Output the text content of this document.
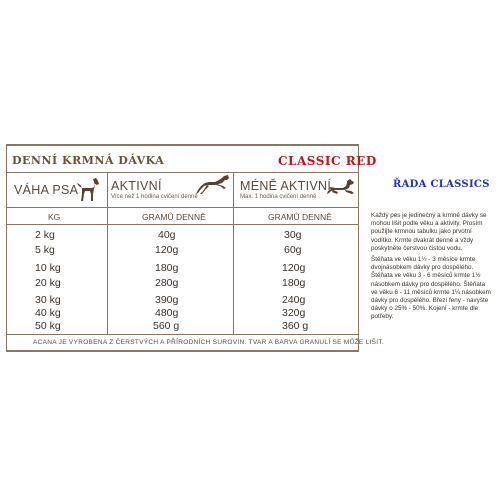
DENNÍ KRMNÁ DÁVKA	CLASSIC RED
VÁHA PSA	AKTIVNÍ
Více než 1 hodina cvičení denně
MÉNĚ AKTIVNÍ
Max. 1 hodina cvičení denně
KG	GRAMŮ DENNĚ	GRAMŮ DENNĚ
2 kg	40g	30g
5 kg	120g	60g
10 kg	180g	120g
20 kg	280g	180g
30 kg	390g	240g
40 kg	480g	320g
50 kg	560 g	360 g
ACANA JE VYROBENA Z ČERSTVÝCH A PŘÍRODNÍCH SUROVIN. TVAR A BARVA GRANULÍ SE MŮŽE LIŠIT.
ŘADA CLASSICS

Každý pes je jedinečný a krmné dávky se mohou lišit podle věku a aktivity. Prosím použijte krmnou tabulku jako prvotní vodítko. Krmte dvakrát denně a vždy poskytněte čerstvou čistou vodu.

Štěňata ve věku 1½ - 3 měsíce krmte dvojnásobkem dávky pro dospělého. Štěňata ve věku 3 - 6 měsíců krmte 1½ násobkem dávky pro dospělého. Štěňata ve věku 6 - 11 měsíců krmte 1¼ násobkem dávky pro dospělého. Březí feny - navyšte dávky o 25% - 50%. Kojení - krmte dle potřeby.
